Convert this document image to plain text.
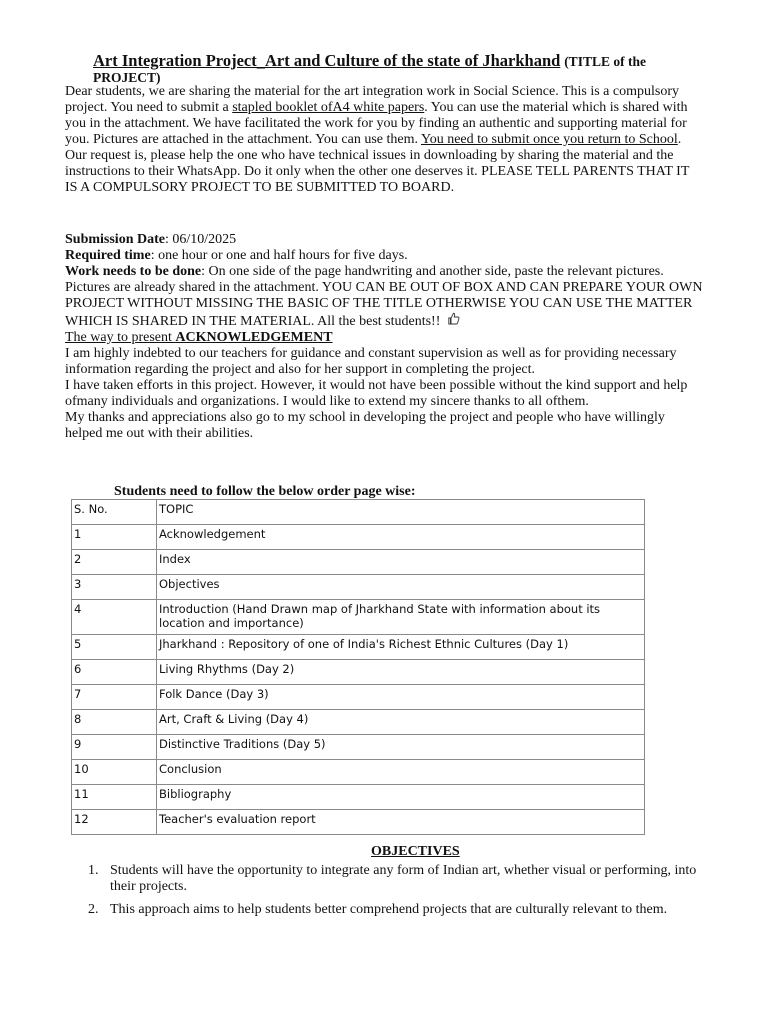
Art Integration Project_Art and Culture of the state of Jharkhand (TITLE of the PROJECT)
Dear students, we are sharing the material for the art integration work in Social Science. This is a compulsory project. You need to submit a stapled booklet ofA4 white papers. You can use the material which is shared with you in the attachment. We have facilitated the work for you by finding an authentic and supporting material for you. Pictures are attached in the attachment. You can use them. You need to submit once you return to School. Our request is, please help the one who have technical issues in downloading by sharing the material and the instructions to their WhatsApp. Do it only when the other one deserves it. PLEASE TELL PARENTS THAT IT IS A COMPULSORY PROJECT TO BE SUBMITTED TO BOARD.
Submission Date: 06/10/2025
Required time: one hour or one and half hours for five days.
Work needs to be done: On one side of the page handwriting and another side, paste the relevant pictures. Pictures are already shared in the attachment. YOU CAN BE OUT OF BOX AND CAN PREPARE YOUR OWN PROJECT WITHOUT MISSING THE BASIC OF THE TITLE OTHERWISE YOU CAN USE THE MATTER WHICH IS SHARED IN THE MATERIAL. All the best students!!
The way to present ACKNOWLEDGEMENT
I am highly indebted to our teachers for guidance and constant supervision as well as for providing necessary information regarding the project and also for her support in completing the project.
I have taken efforts in this project. However, it would not have been possible without the kind support and help ofmany individuals and organizations. I would like to extend my sincere thanks to all ofthem.
My thanks and appreciations also go to my school in developing the project and people who have willingly helped me out with their abilities.
Students need to follow the below order page wise:
S. No.	TOPIC
1	Acknowledgement
2	Index
3	Objectives
4	Introduction (Hand Drawn map of Jharkhand State with information about its location and importance)
5	Jharkhand : Repository of one of India's Richest Ethnic Cultures (Day 1)
6	Living Rhythms (Day 2)
7	Folk Dance (Day 3)
8	Art, Craft & Living (Day 4)
9	Distinctive Traditions (Day 5)
10	Conclusion
11	Bibliography
12	Teacher's evaluation report
OBJECTIVES
1. Students will have the opportunity to integrate any form of Indian art, whether visual or performing, into their projects.
2. This approach aims to help students better comprehend projects that are culturally relevant to them.
